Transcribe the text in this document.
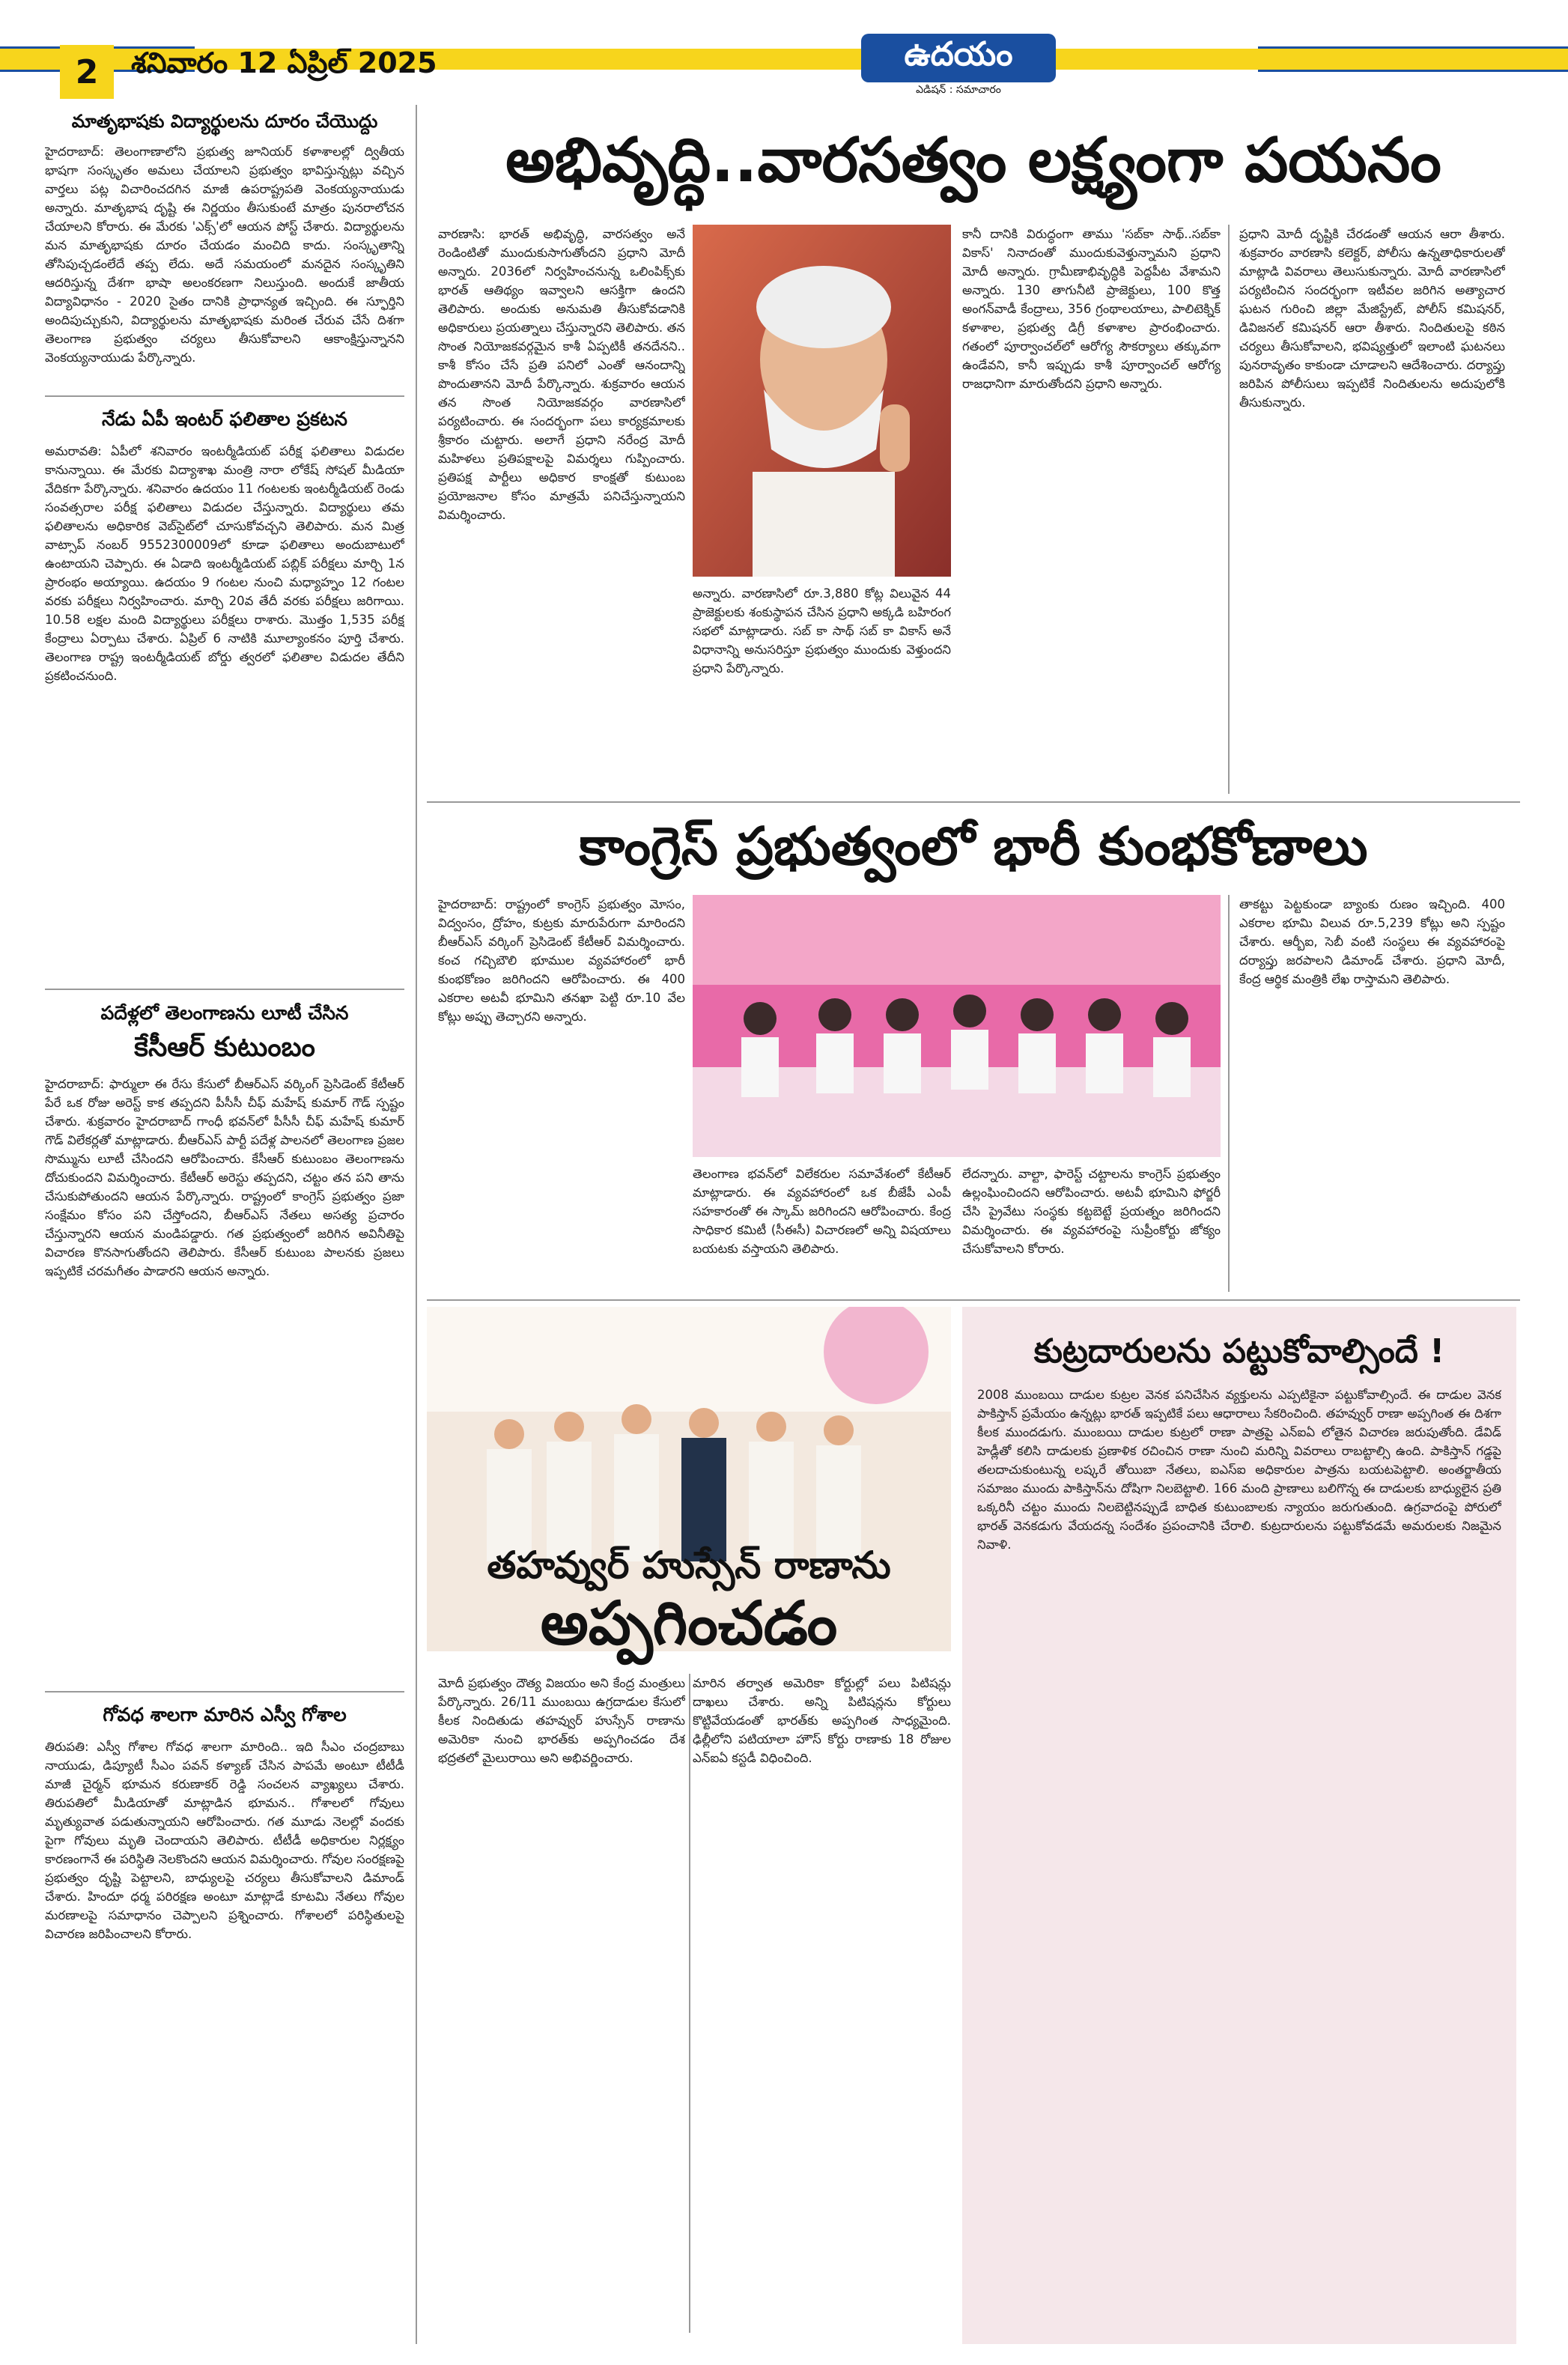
2	శనివారం 12 ఏప్రిల్ 2025	ఉదయం
ఎడిషన్ : సమాచారం
మాతృభాషకు విద్యార్థులను దూరం చేయొద్దు
హైదరాబాద్: తెలంగాణాలోని ప్రభుత్వ జూనియర్ కళాశాలల్లో ద్వితీయ భాషగా సంస్కృతం అమలు చేయాలని ప్రభుత్వం భావిస్తున్నట్లు వచ్చిన వార్తలు పట్ల విచారించదగిన మాజీ ఉపరాష్ట్రపతి వెంకయ్యనాయుడు అన్నారు. మాతృభాష దృష్టి ఈ నిర్ణయం తీసుకుంటే మాత్రం పునరాలోచన చేయాలని కోరారు. ఈ మేరకు 'ఎక్స్'లో ఆయన పోస్ట్ చేశారు. విద్యార్థులను మన మాతృభాషకు దూరం చేయడం మంచిది కాదు. సంస్కృతాన్ని తోసిపుచ్చడంలేదే తప్ప లేదు. అదే సమయంలో మనదైన సంస్కృతిని ఆదరిస్తున్న దేశగా భాషా అలంకరణగా నిలుస్తుంది. అందుకే జాతీయ విద్యావిధానం - 2020 సైతం దానికి ప్రాధాన్యత ఇచ్చింది. ఈ స్ఫూర్తిని అందిపుచ్చుకుని, విద్యార్థులను మాతృభాషకు మరింత చేరువ చేసే దిశగా తెలంగాణ ప్రభుత్వం చర్యలు తీసుకోవాలని ఆకాంక్షిస్తున్నానని వెంకయ్యనాయుడు పేర్కొన్నారు.
నేడు ఏపీ ఇంటర్ ఫలితాల ప్రకటన
అమరావతి: ఏపీలో శనివారం ఇంటర్మీడియట్ పరీక్ష ఫలితాలు విడుదల కానున్నాయి. ఈ మేరకు విద్యాశాఖ మంత్రి నారా లోకేష్ సోషల్ మీడియా వేదికగా పేర్కొన్నారు. శనివారం ఉదయం 11 గంటలకు ఇంటర్మీడియట్ రెండు సంవత్సరాల పరీక్ష ఫలితాలు విడుదల చేస్తున్నారు. విద్యార్థులు తమ ఫలితాలను అధికారిక వెబ్‌సైట్‌లో చూసుకోవచ్చని తెలిపారు. మన మిత్ర వాట్సాప్ నంబర్ 9552300009లో కూడా ఫలితాలు అందుబాటులో ఉంటాయని చెప్పారు. ఈ ఏడాది ఇంటర్మీడియట్ పబ్లిక్ పరీక్షలు మార్చి 1న ప్రారంభం అయ్యాయి. ఉదయం 9 గంటల నుంచి మధ్యాహ్నం 12 గంటల వరకు పరీక్షలు నిర్వహించారు. మార్చి 20వ తేదీ వరకు పరీక్షలు జరిగాయి. 10.58 లక్షల మంది విద్యార్థులు పరీక్షలు రాశారు. మొత్తం 1,535 పరీక్ష కేంద్రాలు ఏర్పాటు చేశారు. ఏప్రిల్ 6 నాటికి మూల్యాంకనం పూర్తి చేశారు. తెలంగాణ రాష్ట్ర ఇంటర్మీడియట్ బోర్డు త్వరలో ఫలితాల విడుదల తేదీని ప్రకటించనుంది.
పదేళ్లలో తెలంగాణను లూటీ చేసిన
కేసీఆర్ కుటుంబం
హైదరాబాద్: ఫార్ములా ఈ రేసు కేసులో బీఆర్‌ఎస్ వర్కింగ్ ప్రెసిడెంట్ కేటీఆర్ పేరే ఒక రోజు అరెస్ట్ కాక తప్పదని పీసీసీ చీఫ్ మహేష్ కుమార్ గౌడ్ స్పష్టం చేశారు. శుక్రవారం హైదరాబాద్ గాంధీ భవన్‌లో పీసీసీ చీఫ్ మహేష్ కుమార్ గౌడ్ విలేకర్లతో మాట్లాడారు. బీఆర్‌ఎస్ పార్టీ పదేళ్ల పాలనలో తెలంగాణ ప్రజల సొమ్మును లూటీ చేసిందని ఆరోపించారు. కేసీఆర్ కుటుంబం తెలంగాణను దోచుకుందని విమర్శించారు. కేటీఆర్ అరెస్టు తప్పదని, చట్టం తన పని తాను చేసుకుపోతుందని ఆయన పేర్కొన్నారు. రాష్ట్రంలో కాంగ్రెస్ ప్రభుత్వం ప్రజా సంక్షేమం కోసం పని చేస్తోందని, బీఆర్‌ఎస్ నేతలు అసత్య ప్రచారం చేస్తున్నారని ఆయన మండిపడ్డారు. గత ప్రభుత్వంలో జరిగిన అవినీతిపై విచారణ కొనసాగుతోందని తెలిపారు. కేసీఆర్ కుటుంబ పాలనకు ప్రజలు ఇప్పటికే చరమగీతం పాడారని ఆయన అన్నారు.
గోవధ శాలగా మారిన ఎస్వీ గోశాల
తిరుపతి: ఎస్వీ గోశాల గోవధ శాలగా మారింది.. ఇది సీఎం చంద్రబాబు నాయుడు, డిప్యూటీ సీఎం పవన్ కళ్యాణ్ చేసిన పాపమే అంటూ టీటీడీ మాజీ చైర్మన్ భూమన కరుణాకర్ రెడ్డి సంచలన వ్యాఖ్యలు చేశారు. తిరుపతిలో మీడియాతో మాట్లాడిన భూమన.. గోశాలలో గోవులు మృత్యువాత పడుతున్నాయని ఆరోపించారు. గత మూడు నెలల్లో వందకు పైగా గోవులు మృతి చెందాయని తెలిపారు. టీటీడీ అధికారుల నిర్లక్ష్యం కారణంగానే ఈ పరిస్థితి నెలకొందని ఆయన విమర్శించారు. గోవుల సంరక్షణపై ప్రభుత్వం దృష్టి పెట్టాలని, బాధ్యులపై చర్యలు తీసుకోవాలని డిమాండ్ చేశారు. హిందూ ధర్మ పరిరక్షణ అంటూ మాట్లాడే కూటమి నేతలు గోవుల మరణాలపై సమాధానం చెప్పాలని ప్రశ్నించారు. గోశాలలో పరిస్థితులపై విచారణ జరిపించాలని కోరారు.
అభివృద్ధి..వారసత్వం లక్ష్యంగా పయనం
వారణాసి: భారత్ అభివృద్ధి, వారసత్వం అనే రెండింటితో ముందుకుసాగుతోందని ప్రధాని మోదీ అన్నారు. 2036లో నిర్వహించనున్న ఒలింపిక్స్‌కు భారత్ ఆతిథ్యం ఇవ్వాలని ఆసక్తిగా ఉందని తెలిపారు. అందుకు అనుమతి తీసుకోవడానికి అధికారులు ప్రయత్నాలు చేస్తున్నారని తెలిపారు. తన సొంత నియోజకవర్గమైన కాశీ ఏప్పటికీ తనదేనని.. కాశీ కోసం చేసే ప్రతి పనిలో ఎంతో ఆనందాన్ని పొందుతానని మోదీ పేర్కొన్నారు. శుక్రవారం ఆయన తన సొంత నియోజకవర్గం వారణాసిలో పర్యటించారు. ఈ సందర్భంగా పలు కార్యక్రమాలకు శ్రీకారం చుట్టారు. అలాగే ప్రధాని నరేంద్ర మోదీ మహిళలు ప్రతిపక్షాలపై విమర్శలు గుప్పించారు. ప్రతిపక్ష పార్టీలు అధికార కాంక్షతో కుటుంబ ప్రయోజనాల కోసం మాత్రమే పనిచేస్తున్నాయని విమర్శించారు.
అన్నారు. వారణాసిలో రూ.3,880 కోట్ల విలువైన 44 ప్రాజెక్టులకు శంకుస్థాపన చేసిన ప్రధాని అక్కడి బహిరంగ సభలో మాట్లాడారు. సబ్ కా సాథ్ సబ్ కా వికాస్ అనే విధానాన్ని అనుసరిస్తూ ప్రభుత్వం ముందుకు వెళ్తుందని ప్రధాని పేర్కొన్నారు.
కానీ దానికి విరుద్ధంగా తాము 'సబ్‌కా సాథ్..సబ్‌కా వికాస్' నినాదంతో ముందుకువెళ్తున్నామని ప్రధాని మోదీ అన్నారు. గ్రామీణాభివృద్ధికి పెద్దపీట వేశామని అన్నారు. 130 తాగునీటి ప్రాజెక్టులు, 100 కొత్త అంగన్‌వాడీ కేంద్రాలు, 356 గ్రంథాలయాలు, పాలిటెక్నిక్ కళాశాల, ప్రభుత్వ డిగ్రీ కళాశాల ప్రారంభించారు. గతంలో పూర్వాంచల్‌లో ఆరోగ్య సౌకర్యాలు తక్కువగా ఉండేవని, కానీ ఇప్పుడు కాశీ పూర్వాంచల్ ఆరోగ్య రాజధానిగా మారుతోందని ప్రధాని అన్నారు.
ప్రధాని మోదీ దృష్టికి చేరడంతో ఆయన ఆరా తీశారు. శుక్రవారం వారణాసి కలెక్టర్, పోలీసు ఉన్నతాధికారులతో మాట్లాడి వివరాలు తెలుసుకున్నారు. మోదీ వారణాసిలో పర్యటించిన సందర్భంగా ఇటీవల జరిగిన అత్యాచార ఘటన గురించి జిల్లా మేజిస్ట్రేట్, పోలీస్ కమిషనర్, డివిజనల్ కమిషనర్ ఆరా తీశారు. నిందితులపై కఠిన చర్యలు తీసుకోవాలని, భవిష్యత్తులో ఇలాంటి ఘటనలు పునరావృతం కాకుండా చూడాలని ఆదేశించారు. దర్యాప్తు జరిపిన పోలీసులు ఇప్పటికే నిందితులను అదుపులోకి తీసుకున్నారు.
కాంగ్రెస్ ప్రభుత్వంలో భారీ కుంభకోణాలు
హైదరాబాద్: రాష్ట్రంలో కాంగ్రెస్ ప్రభుత్వం మోసం, విద్వంసం, ద్రోహం, కుట్రకు మారుపేరుగా మారిందని బీఆర్‌ఎస్ వర్కింగ్ ప్రెసిడెంట్ కేటీఆర్ విమర్శించారు. కంచ గచ్చిబౌలి భూముల వ్యవహారంలో భారీ కుంభకోణం జరిగిందని ఆరోపించారు. ఈ 400 ఎకరాల అటవీ భూమిని తనఖా పెట్టి రూ.10 వేల కోట్లు అప్పు తెచ్చారని అన్నారు.
తెలంగాణ భవన్‌లో విలేకరుల సమావేశంలో కేటీఆర్ మాట్లాడారు. ఈ వ్యవహారంలో ఒక బీజేపీ ఎంపీ సహకారంతో ఈ స్కామ్ జరిగిందని ఆరోపించారు. కేంద్ర సాధికార కమిటీ (సీఈసీ) విచారణలో అన్ని విషయాలు బయటకు వస్తాయని తెలిపారు.
లేదన్నారు. వాల్టా, ఫారెస్ట్ చట్టాలను కాంగ్రెస్ ప్రభుత్వం ఉల్లంఘించిందని ఆరోపించారు. అటవీ భూమిని ఫోర్జరీ చేసి ప్రైవేటు సంస్థకు కట్టబెట్టే ప్రయత్నం జరిగిందని విమర్శించారు. ఈ వ్యవహారంపై సుప్రీంకోర్టు జోక్యం చేసుకోవాలని కోరారు.
తాకట్టు పెట్టకుండా బ్యాంకు రుణం ఇచ్చింది. 400 ఎకరాల భూమి విలువ రూ.5,239 కోట్లు అని స్పష్టం చేశారు. ఆర్బీఐ, సెబీ వంటి సంస్థలు ఈ వ్యవహారంపై దర్యాప్తు జరపాలని డిమాండ్ చేశారు. ప్రధాని మోదీ, కేంద్ర ఆర్థిక మంత్రికి లేఖ రాస్తామని తెలిపారు.
తహవ్వుర్ హుస్సేన్ రాణాను
అప్పగించడం
మోదీ ప్రభుత్వం దౌత్య విజయం అని కేంద్ర మంత్రులు పేర్కొన్నారు. 26/11 ముంబయి ఉగ్రదాడుల కేసులో కీలక నిందితుడు తహవ్వుర్ హుస్సేన్ రాణాను అమెరికా నుంచి భారత్‌కు అప్పగించడం దేశ భద్రతలో మైలురాయి అని అభివర్ణించారు.
మారిన తర్వాత అమెరికా కోర్టుల్లో పలు పిటిషన్లు దాఖలు చేశారు. అన్ని పిటిషన్లను కోర్టులు కొట్టివేయడంతో భారత్‌కు అప్పగింత సాధ్యమైంది. ఢిల్లీలోని పటియాలా హౌస్ కోర్టు రాణాకు 18 రోజుల ఎన్ఐఏ కస్టడీ విధించింది.
కుట్రదారులను పట్టుకోవాల్సిందే !
2008 ముంబయి దాడుల కుట్రల వెనక పనిచేసిన వ్యక్తులను ఎప్పటికైనా పట్టుకోవాల్సిందే. ఈ దాడుల వెనక పాకిస్తాన్ ప్రమేయం ఉన్నట్లు భారత్ ఇప్పటికే పలు ఆధారాలు సేకరించింది. తహవ్వుర్ రాణా అప్పగింత ఈ దిశగా కీలక ముందడుగు. ముంబయి దాడుల కుట్రలో రాణా పాత్రపై ఎన్ఐఏ లోతైన విచారణ జరుపుతోంది. డేవిడ్ హెడ్లీతో కలిసి దాడులకు ప్రణాళిక రచించిన రాణా నుంచి మరిన్ని వివరాలు రాబట్టాల్సి ఉంది. పాకిస్తాన్ గడ్డపై తలదాచుకుంటున్న లష్కరే తోయిబా నేతలు, ఐఎస్ఐ అధికారుల పాత్రను బయటపెట్టాలి. అంతర్జాతీయ సమాజం ముందు పాకిస్తాన్‌ను దోషిగా నిలబెట్టాలి. 166 మంది ప్రాణాలు బలిగొన్న ఈ దాడులకు బాధ్యులైన ప్రతి ఒక్కరినీ చట్టం ముందు నిలబెట్టినప్పుడే బాధిత కుటుంబాలకు న్యాయం జరుగుతుంది. ఉగ్రవాదంపై పోరులో భారత్ వెనకడుగు వేయదన్న సందేశం ప్రపంచానికి చేరాలి. కుట్రదారులను పట్టుకోవడమే అమరులకు నిజమైన నివాళి.
